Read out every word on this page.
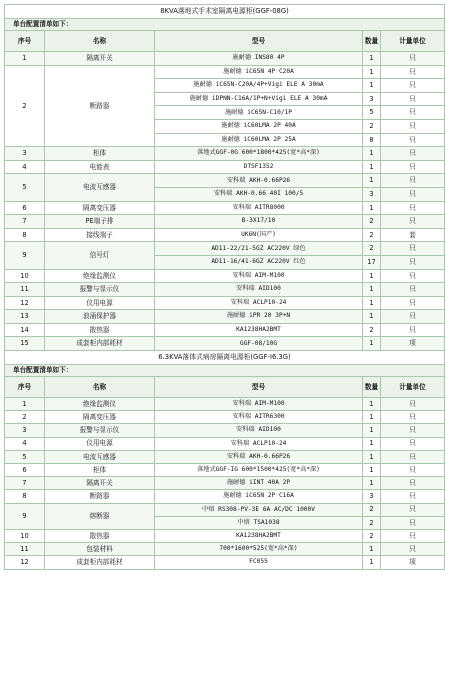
8KVA落地式手术室隔离电源柜(GGF-08G)				
单台配置清单如下：				
序号	名称	型号	数量	计量单位
1	隔离开关	施耐德 INS80 4P	1	只
2	断路器	施耐德 iC65N 4P C20A	1	只
		施耐德 iC65N-C20A/4P+Vigi ELE A 30mA	1	只
		施耐德 iDPNN-C16A/1P+N+Vigi ELE A 30mA	3	只
		施耐德 iC65N-C10/1P	5	只
		施耐德 iC60LMA 2P 40A	2	只
		施耐德 iC60LMA 2P 25A	8	只
3	柜体	落地式GGF-0G 600*1800*425(宽*高*深)	1	只
4	电能表	DTSF1352	1	只
5	电流互感器	安科瑞 AKH-0.66P26	1	只
		安科瑞 AKH-0.66 40I 100/5	3	只
6	隔离变压器	安科瑞 AITR8000	1	只
7	PE端子排	B-3X17/10	2	只
8	接线端子	UK6N(国产)	2	套
9	信号灯	AD11-22/21-5GZ AC220V 绿色	2	只
		AD11-16/41-6GZ AC220V 红色	17	只
10	绝缘监测仪	安科瑞 AIM-M100	1	只
11	报警与显示仪	安科瑞 AID100	1	只
12	仪用电源	安科瑞 ACLP10-24	1	只
13	浪涌保护器	施耐德 iPR 20 3P+N	1	只
14	散热器	KA1238HA2BMT	2	只
15	成套柜内部耗材	GGF-08/10G	1	项
6.3KVA落体式病房隔离电源柜(GGF-I6.3G)				
单台配置清单如下：				
序号	名称	型号	数量	计量单位
1	绝缘监测仪	安科瑞 AIM-M100	1	只
2	隔离变压器	安科瑞 AITR6300	1	只
3	报警与显示仪	安科瑞 AID100	1	只
4	仪用电源	安科瑞 ACLP10-24	1	只
5	电流互感器	安科瑞 AKH-0.66P26	1	只
6	柜体	落地式GGF-IG 600*1500*425(宽*高*深)	1	只
7	隔离开关	施耐德 iINT 40A 2P	1	只
8	断路器	施耐德 iC65N 2P C16A	3	只
9	熔断器	中熔 RS308-PV-3E 6A AC/DC 1000V	2	只
		中熔 TSA1038	2	只
10	散热器	KA1238HA2BMT	2	只
11	包装材料	700*1600*525(宽*高*深)	1	只
12	成套柜内部耗材	FC055	1	项
